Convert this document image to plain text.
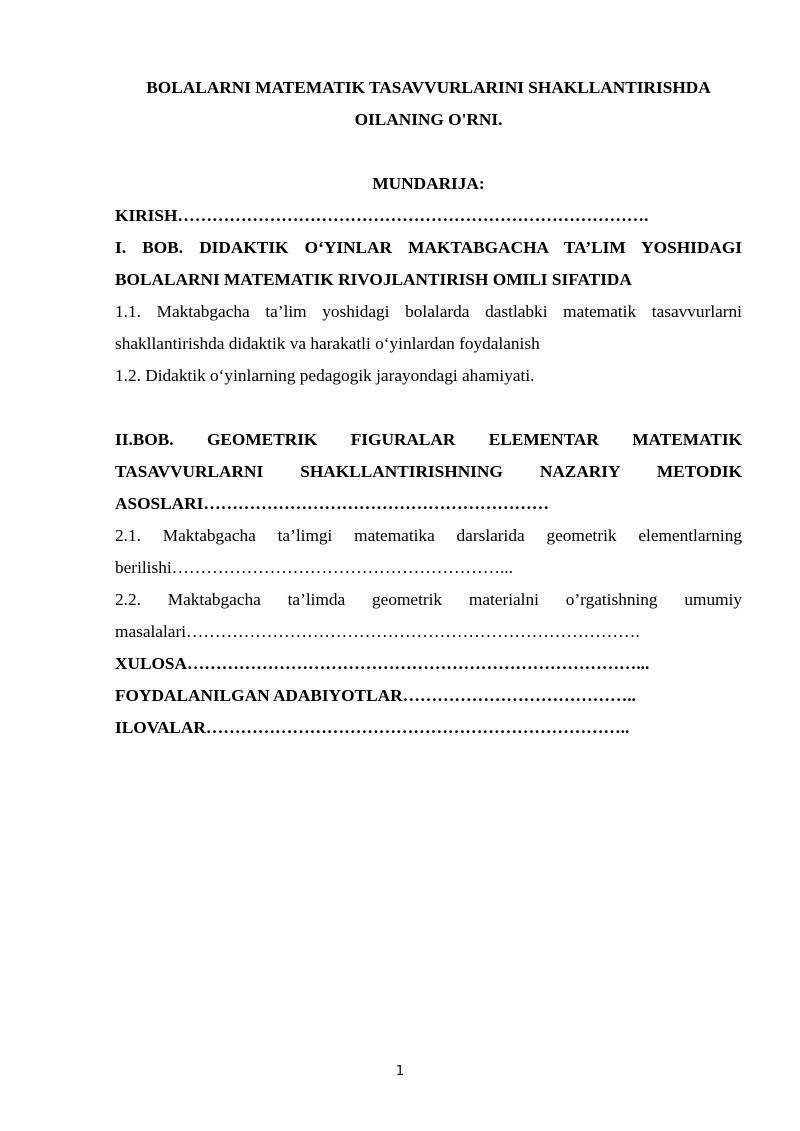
BOLALARNI MATEMATIK TASAVVURLARINI SHAKLLANTIRISHDA
OILANING O'RNI.

MUNDARIJA:

KIRISH……………………………………………………………………….

I. BOB. DIDAKTIK O‘YINLAR MAKTABGACHA TA’LIM YOSHIDAGI

BOLALARNI MATEMATIK RIVOJLANTIRISH OMILI SIFATIDA

1.1. Maktabgacha ta’lim yoshidagi bolalarda dastlabki matematik tasavvurlarni

shakllantirishda didaktik va harakatli o‘yinlardan foydalanish

1.2. Didaktik o‘yinlarning pedagogik jarayondagi ahamiyati.

II.BOB. GEOMETRIK FIGURALAR ELEMENTAR MATEMATIK

TASAVVURLARNI SHAKLLANTIRISHNING NAZARIY METODIK

ASOSLARI……………………………………………………

2.1. Maktabgacha ta’limgi matematika darslarida geometrik elementlarning

berilishi…………………………………………………...

2.2. Maktabgacha ta’limda geometrik materialni o’rgatishning umumiy

masalalari…………………………………………………………………….

XULOSA……………………………………………………………………...

FOYDALANILGAN ADABIYOTLAR…………………………………..

ILOVALAR………………………………………………………………..

1
